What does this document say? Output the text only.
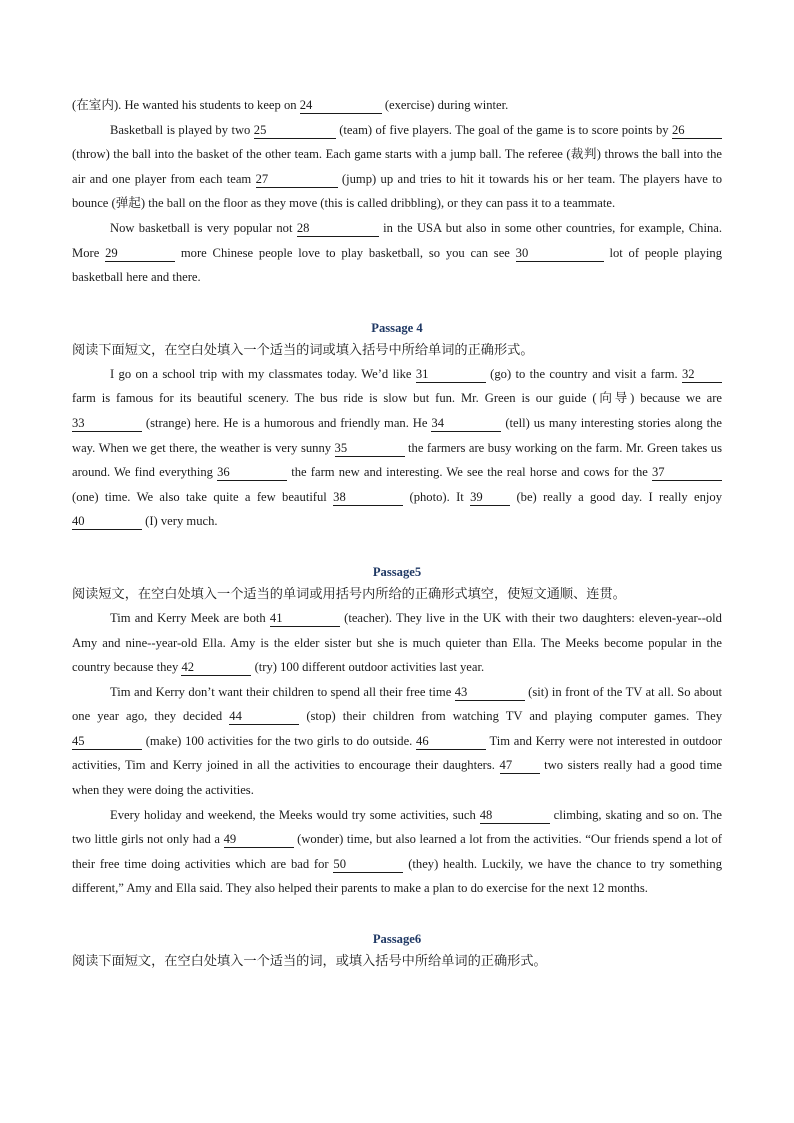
(在室内). He wanted his students to keep on 24	(exercise) during winter.

Basketball is played by two 25	(team) of five players. The goal of the game is to score points by 26 (throw) the ball into the basket of the other team. Each game starts with a jump ball. The referee (裁判) throws the ball into the air and one player from each team 27	(jump) up and tries to hit it towards his or her team. The players have to bounce (弹起) the ball on the floor as they move (this is called dribbling), or they can pass it to a teammate.

Now basketball is very popular not 28	in the USA but also in some other countries, for example, China. More 29	more Chinese people love to play basketball, so you can see 30	lot of people playing basketball here and there.

Passage 4
阅读下面短文，在空白处填入一个适当的词或填入括号中所给单词的正确形式。

I go on a school trip with my classmates today. We’d like 31	(go) to the country and visit a farm. 32 farm is famous for its beautiful scenery. The bus ride is slow but fun. Mr. Green is our guide (向导) because we are 33	(strange) here. He is a humorous and friendly man. He 34	(tell) us many interesting stories along the way. When we get there, the weather is very sunny 35	the farmers are busy working on the farm. Mr. Green takes us around. We find everything 36	the farm new and interesting. We see the real horse and cows for the 37 (one) time. We also take quite a few beautiful 38	(photo). It 39 (be) really a good day. I really enjoy 40	(I) very much.

Passage5
阅读短文，在空白处填入一个适当的单词或用括号内所给的正确形式填空，使短文通顺、连贯。

Tim and Kerry Meek are both 41	(teacher). They live in the UK with their two daughters: eleven-year--old Amy and nine--year-old Ella. Amy is the elder sister but she is much quieter than Ella. The Meeks become popular in the country because they 42	(try) 100 different outdoor activities last year.

Tim and Kerry don’t want their children to spend all their free time 43	(sit) in front of the TV at all. So about one year ago, they decided 44	(stop) their children from watching TV and playing computer games. They 45	(make) 100 activities for the two girls to do outside. 46	Tim and Kerry were not interested in outdoor activities, Tim and Kerry joined in all the activities to encourage their daughters. 47 two sisters really had a good time when they were doing the activities.

Every holiday and weekend, the Meeks would try some activities, such 48	climbing, skating and so on. The two little girls not only had a 49	(wonder) time, but also learned a lot from the activities. “Our friends spend a lot of their free time doing activities which are bad for 50	(they) health. Luckily, we have the chance to try something different,” Amy and Ella said. They also helped their parents to make a plan to do exercise for the next 12 months.

Passage6
阅读下面短文，在空白处填入一个适当的词，或填入括号中所给单词的正确形式。
